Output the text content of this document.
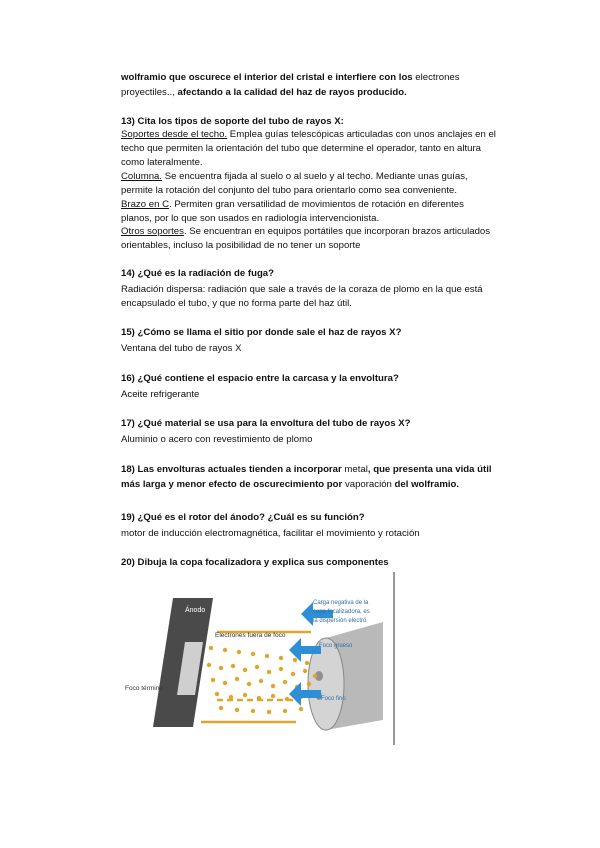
wolframio que oscurece el interior del cristal e interfiere con los electrones
proyectiles.., afectando a la calidad del haz de rayos producido.
13) Cita los tipos de soporte del tubo de rayos X:
Soportes desde el techo. Emplea guías telescópicas articuladas con unos anclajes en el
techo que permiten la orientación del tubo que determine el operador, tanto en altura
como lateralmente.
Columna. Se encuentra fijada al suelo o al suelo y al techo. Mediante unas guías,
permite la rotación del conjunto del tubo para orientarlo como sea conveniente.
Brazo en C. Permiten gran versatilidad de movimientos de rotación en diferentes
planos, por lo que son usados en radiología intervencionista.
Otros soportes. Se encuentran en equipos portátiles que incorporan brazos articulados
orientables, incluso la posibilidad de no tener un soporte
14) ¿Qué es la radiación de fuga?
Radiación dispersa: radiación que sale a través de la coraza de plomo en la que está
encapsulado el tubo, y que no forma parte del haz útil.
15) ¿Cómo se llama el sitio por donde sale el haz de rayos X?
Ventana del tubo de rayos X
16) ¿Qué contiene el espacio entre la carcasa y la envoltura?
Aceite refrigerante
17) ¿Qué material se usa para la envoltura del tubo de rayos X?
Aluminio o acero con revestimiento de plomo
18) Las envolturas actuales tienden a incorporar metal, que presenta una vida útil
más larga y menor efecto de oscurecimiento por vaporación del wolframio.
19) ¿Qué es el rotor del ánodo? ¿Cuál es su función?
motor de inducción electromagnética, facilitar el movimiento y rotación
20) Dibuja la copa focalizadora y explica sus componentes
Ánodo
Electrones fuera de foco
Foco término
Carga negativa de la
copa focalizadora, es
la dispersión electró
Foco grueso
Foco fino
